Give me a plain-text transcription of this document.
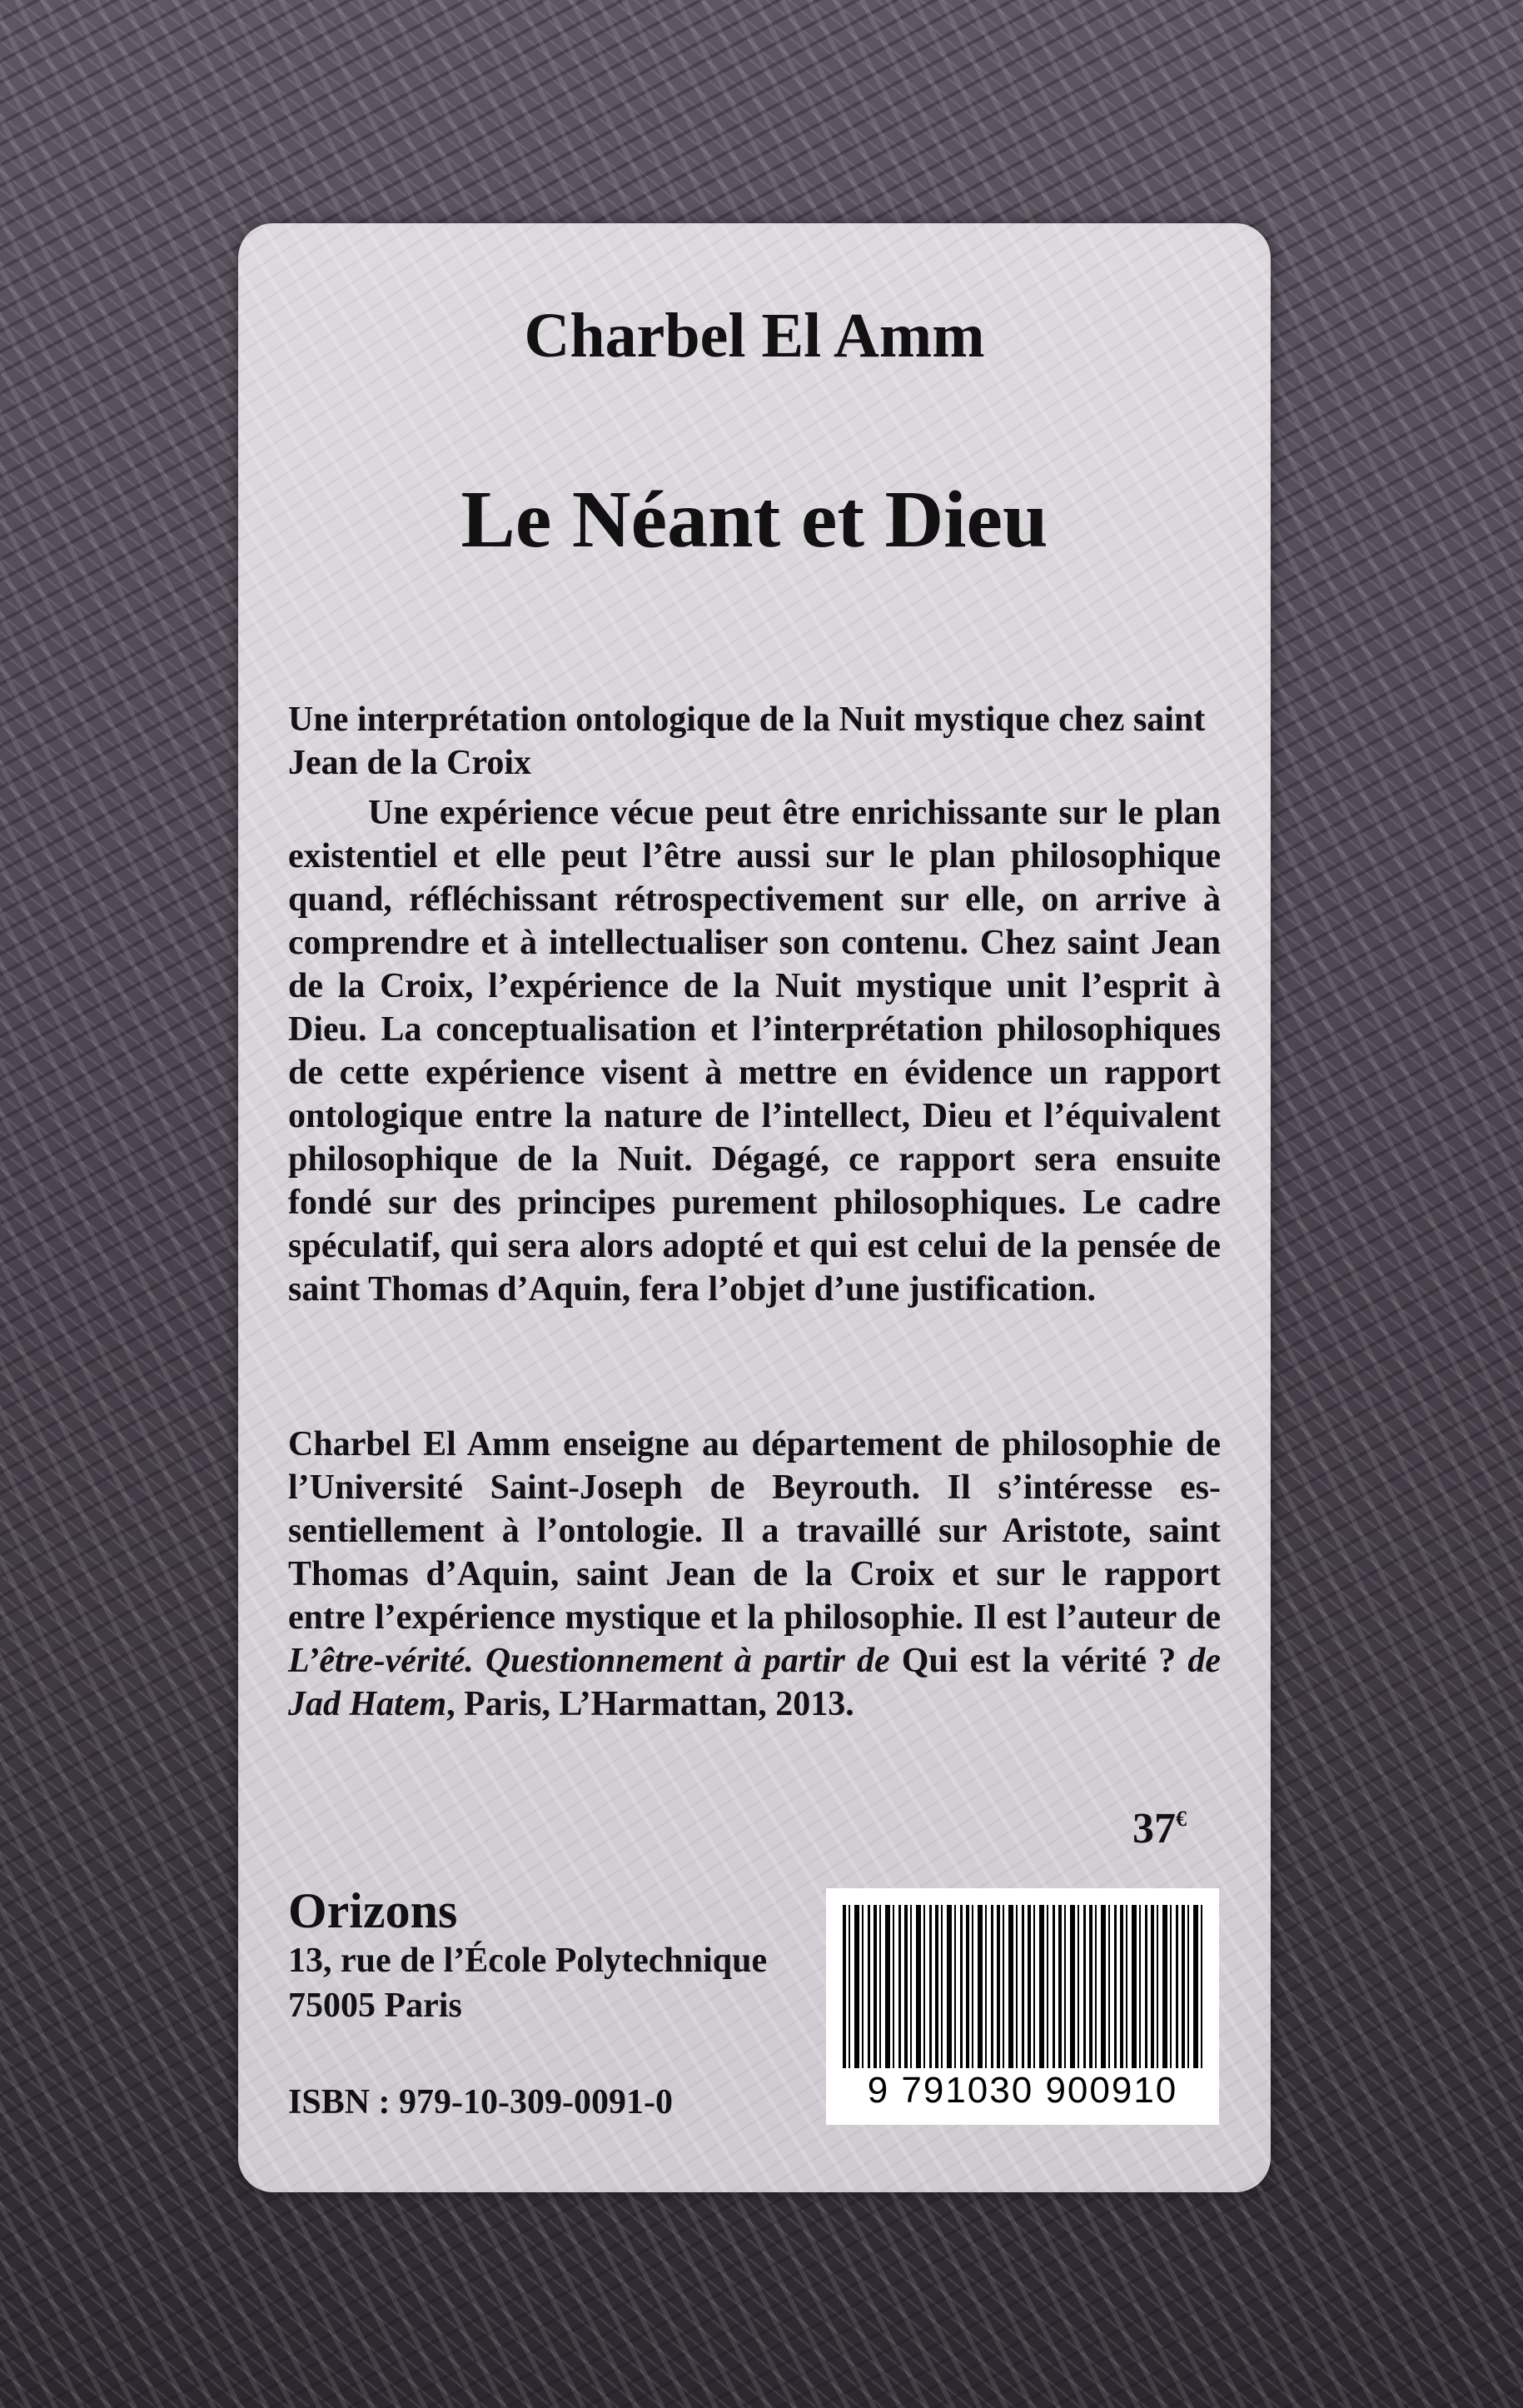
Charbel El Amm
Le Néant et Dieu
Une interprétation ontologique de la Nuit mystique chez saint Jean de la Croix
Une expérience vécue peut être enrichissante sur le plan existentiel et elle peut l’être aussi sur le plan philosophique quand, réfléchissant rétrospectivement sur elle, on arrive à comprendre et à intellectualiser son contenu. Chez saint Jean de la Croix, l’expérience de la Nuit mystique unit l’esprit à Dieu. La conceptualisation et l’interprétation philosophiques de cette expérience visent à mettre en évidence un rapport ontologique entre la nature de l’intellect, Dieu et l’équivalent philosophique de la Nuit. Dégagé, ce rapport sera ensuite fondé sur des principes purement philosophiques. Le cadre spéculatif, qui sera alors adopté et qui est celui de la pensée de saint Thomas d’Aquin, fera l’objet d’une justification.
Charbel El Amm enseigne au département de philosophie de l’Université Saint-Joseph de Beyrouth. Il s’intéresse essentiellement à l’ontologie. Il a travaillé sur Aristote, saint Thomas d’Aquin, saint Jean de la Croix et sur le rapport entre l’expérience mystique et la philosophie. Il est l’auteur de L’être-vérité. Questionnement à partir de Qui est la vérité ? de Jad Hatem, Paris, L’Harmattan, 2013.
37€
Orizons
13, rue de l’École Polytechnique
75005 Paris
ISBN : 979-10-309-0091-0	9 791030 900910
